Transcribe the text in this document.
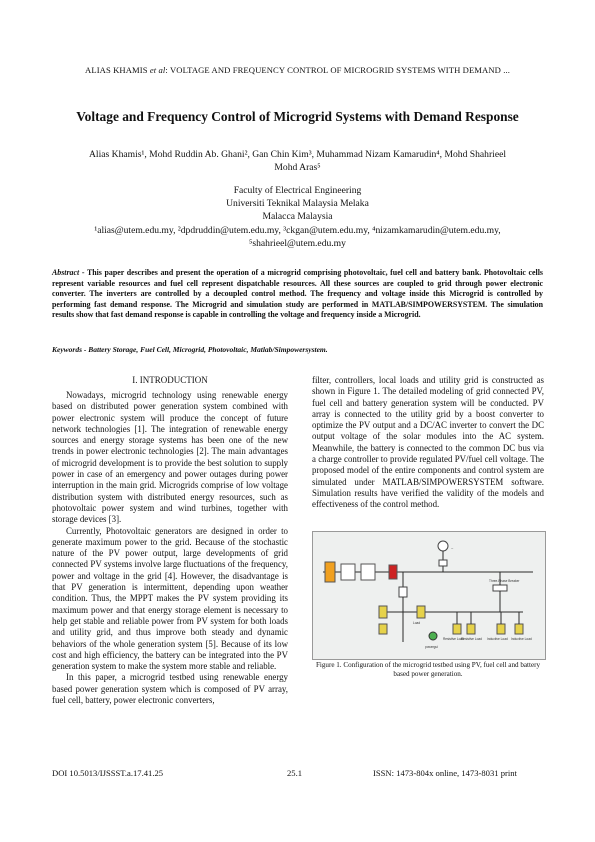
ALIAS KHAMIS et al: VOLTAGE AND FREQUENCY CONTROL OF MICROGRID SYSTEMS WITH DEMAND ...
Voltage and Frequency Control of Microgrid Systems with Demand Response
Alias Khamis¹, Mohd Ruddin Ab. Ghani², Gan Chin Kim³, Muhammad Nizam Kamarudin⁴, Mohd Shahrieel
Mohd Aras⁵
Faculty of Electrical Engineering
Universiti Teknikal Malaysia Melaka
Malacca Malaysia
¹alias@utem.edu.my, ²dpdruddin@utem.edu.my, ³ckgan@utem.edu.my, ⁴nizamkamarudin@utem.edu.my,
⁵shahrieel@utem.edu.my
Abstract - This paper describes and present the operation of a microgrid comprising photovoltaic, fuel cell and battery bank. Photovoltaic cells represent variable resources and fuel cell represent dispatchable resources. All these sources are coupled to grid through power electronic converter. The inverters are controlled by a decoupled control method. The frequency and voltage inside this Microgrid is controlled by performing fast demand response. The Microgrid and simulation study are performed in MATLAB/SIMPOWERSYSTEM. The simulation results show that fast demand response is capable in controlling the voltage and frequency inside a Microgrid.
Keywords - Battery Storage, Fuel Cell, Microgrid, Photovoltaic, Matlab/Simpowersystem.
I. INTRODUCTION

Nowadays, microgrid technology using renewable energy based on distributed power generation system combined with power electronic system will produce the concept of future network technologies [1]. The integration of renewable energy sources and energy storage systems has been one of the new trends in power electronic technologies [2]. The main advantages of microgrid development is to provide the best solution to supply power in case of an emergency and power outages during power interruption in the main grid. Microgrids comprise of low voltage distribution system with distributed energy resources, such as photovoltaic power system and wind turbines, together with storage devices [3].

Currently, Photovoltaic generators are designed in order to generate maximum power to the grid. Because of the stochastic nature of the PV power output, large developments of grid connected PV systems involve large fluctuations of the frequency, power and voltage in the grid [4]. However, the disadvantage is that PV generation is intermittent, depending upon weather condition. Thus, the MPPT makes the PV system providing its maximum power and that energy storage element is necessary to help get stable and reliable power from PV system for both loads and utility grid, and thus improve both steady and dynamic behaviors of the whole generation system [5]. Because of its low cost and high efficiency, the battery can be integrated into the PV generation system to make the system more stable and reliable.

In this paper, a microgrid testbed using renewable energy based power generation system which is composed of PV array, fuel cell, battery, power electronic converters,

filter, controllers, local loads and utility grid is constructed as shown in Figure 1. The detailed modeling of grid connected PV, fuel cell and battery generation system will be conducted. PV array is connected to the utility grid by a boost converter to optimize the PV output and a DC/AC inverter to convert the DC output voltage of the solar modules into the AC system. Meanwhile, the battery is connected to the common DC bus via a charge controller to provide regulated PV/fuel cell voltage. The proposed model of the entire components and control system are simulated under MATLAB/SIMPOWERSYSTEM software. Simulation results have verified the validity of the models and effectiveness of the control method.

~
Three-Phase Breaker
Resistive Load
Resistive Load Inductive Load Inductive Load
Load
powergui
Figure 1. Configuration of the microgrid testbed using PV, fuel cell and battery based power generation.
DOI 10.5013/IJSSST.a.17.41.25	25.1	ISSN: 1473-804x online, 1473-8031 print
